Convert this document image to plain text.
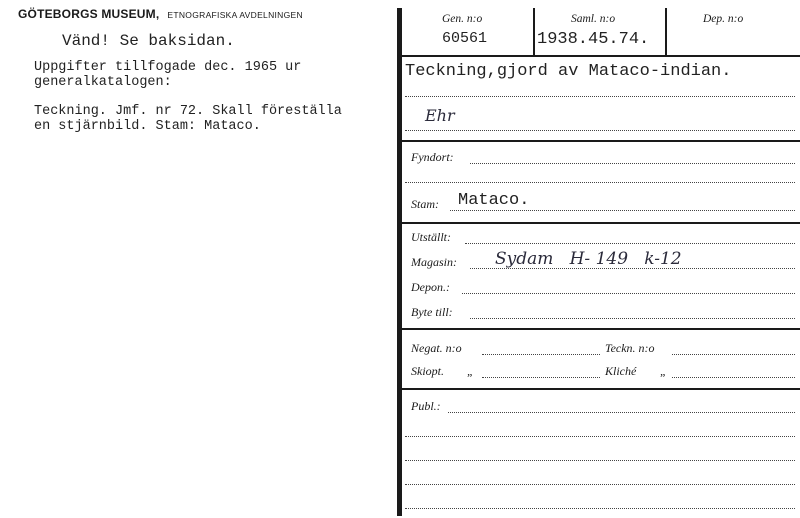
GÖTEBORGS MUSEUM, ETNOGRAFISKA AVDELNINGEN
Vänd! Se baksidan.
Uppgifter tillfogade dec. 1965 ur
generalkatalogen:
Teckning. Jmf. nr 72. Skall föreställa
en stjärnbild. Stam: Mataco.
Gen. n:o
60561
Saml. n:o
1938.45.74.
Dep. n:o
Teckning,gjord av Mataco-indian.
Ehr
Fyndort:
Stam: Mataco.
Utställt:
Magasin: Sydam   H- 149   k-12
Depon.:
Byte till:
Negat. n:o	Teckn. n:o
Skiopt. „	Kliché „
Publ.:
